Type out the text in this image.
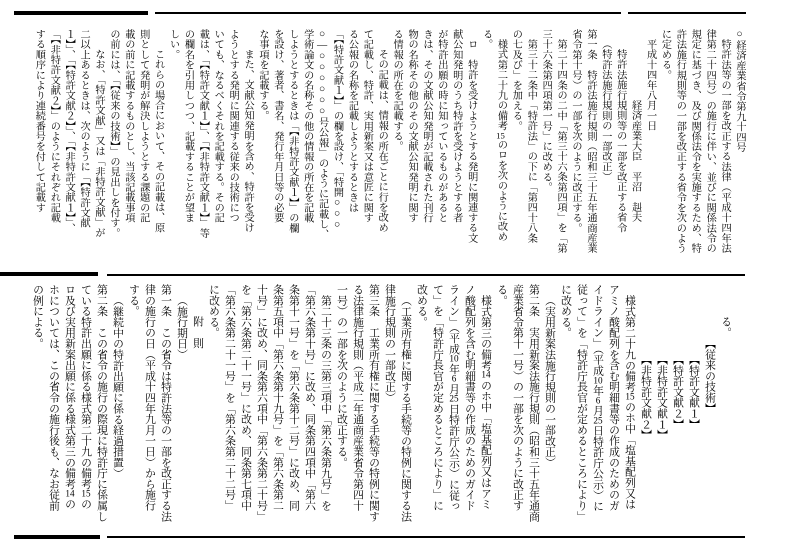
○経済産業省令第九十四号

特許法等の一部を改正する法律（平成十四年法

律第二十四号）の施行に伴い、並びに関係法令の

規定に基づき、及び関係法令を実施するため、特

許法施行規則等の一部を改正する省令を次のよう

に定める。

平成十四年八月一日

経済産業大臣　平沼　赳夫

特許法施行規則等の一部を改正する省令

（特許法施行規則の一部改正）

第一条　特許法施行規則（昭和三十五年通商産業

省令第十号）の一部を次のように改正する。

第二十四条の二中「第三十六条第四項」を「第

三十六条第四項第一号」に改める。

第三十二条中「特許法」の下に「第四十八条

の七及び」を加える。

様式第二十九の備考15のロを次のように改め

る。

ロ　特許を受けようとする発明に関連する文

献公知発明のうち特許を受けようとする者

が特許出願の時に知っているものがあると

きは、その文献公知発明が記載された刊行

物の名称その他のその文献公知発明に関す

る情報の所在を記載する。

その記載は、情報の所在ごとに行を改め

て記載し、特許、実用新案又は意匠に関す

る公報の名称を記載しようとするときは

「【特許文献１】」の欄を設け、「特開○○○

○―○○○○○○号公報」のように記載し、

学術論文の名称その他の情報の所在を記載

しようとするときは「【非特許文献１】」の欄

を設け、著者、書名、発行年月日等の必要

な事項を記載する。

また、文献公知発明を含め、特許を受け

ようとする発明に関連する従来の技術につ

いても、なるべくそれを記載する。その記

載は、「【特許文献１】」、「【非特許文献１】」等

の欄名を引用しつつ、記載することが望ま

しい。

これらの場合において、その記載は、原

則として発明が解決しようとする課題の記

載の前に記載するものとし、当該記載事項

の前には、「【従来の技術】」の見出しを付す。

なお、「特許文献」又は「非特許文献」が

二以上あるときは、次のように「【特許文献

１】」、「【特許文献２】」、「【非特許文献１】」、

「【非特許文献２】」のようにそれぞれ記載

する順序により連続番号を付して記載す

る。

【従来の技術】

【特許文献１】

【特許文献２】

【非特許文献１】

【非特許文献２】

様式第二十九の備考15のホ中「塩基配列又は

アミノ酸配列を含む明細書等の作成のためのガ

イドライン」（平成10年6月25日特許庁公示）に

従って」を「特許庁長官が定めるところにより」

に改める。

（実用新案法施行規則の一部改正）

第二条　実用新案法施行規則（昭和三十五年通商

産業省令第十一号）の一部を次のように改正す

る。

様式第三の備考14のホ中「塩基配列又はアミ

ノ酸配列を含む明細書等の作成のためのガイド

ライン」（平成10年6月25日特許庁公示）に従っ

て」を「特許庁長官が定めるところにより」に

改める。

（工業所有権に関する手続等の特例に関する法

律施行規則の一部改正）

第三条　工業所有権に関する手続等の特例に関す

る法律施行規則（平成二年通商産業省令第四十

一号）の一部を次のように改正する。

第二十三条の三第三項中「第六条第九号」を

「第六条第十号」に改め、同条第四項中「第六

条第十一号」を「第六条第十二号」に改め、同

条第五項中「第六条第十九号」を「第六条第二

十号」に改め、同条第六項中「第六条第二十号」

を「第六条第二十一号」に改め、同条第七項中

「第六条第二十一号」を「第六条第二十二号」

に改める。

附　則

（施行期日）

第一条　この省令は特許法等の一部を改正する法

律の施行の日（平成十四年九月一日）から施行

する。

（継続中の特許出願に係る経過措置）

第二条　この省令の施行の際現に特許庁に係属し

ている特許出願に係る様式第二十九の備考15の

ロ及び実用新案出願に係る様式第三の備考14の

ホについては、この省令の施行後も、なお従前

の例による。
